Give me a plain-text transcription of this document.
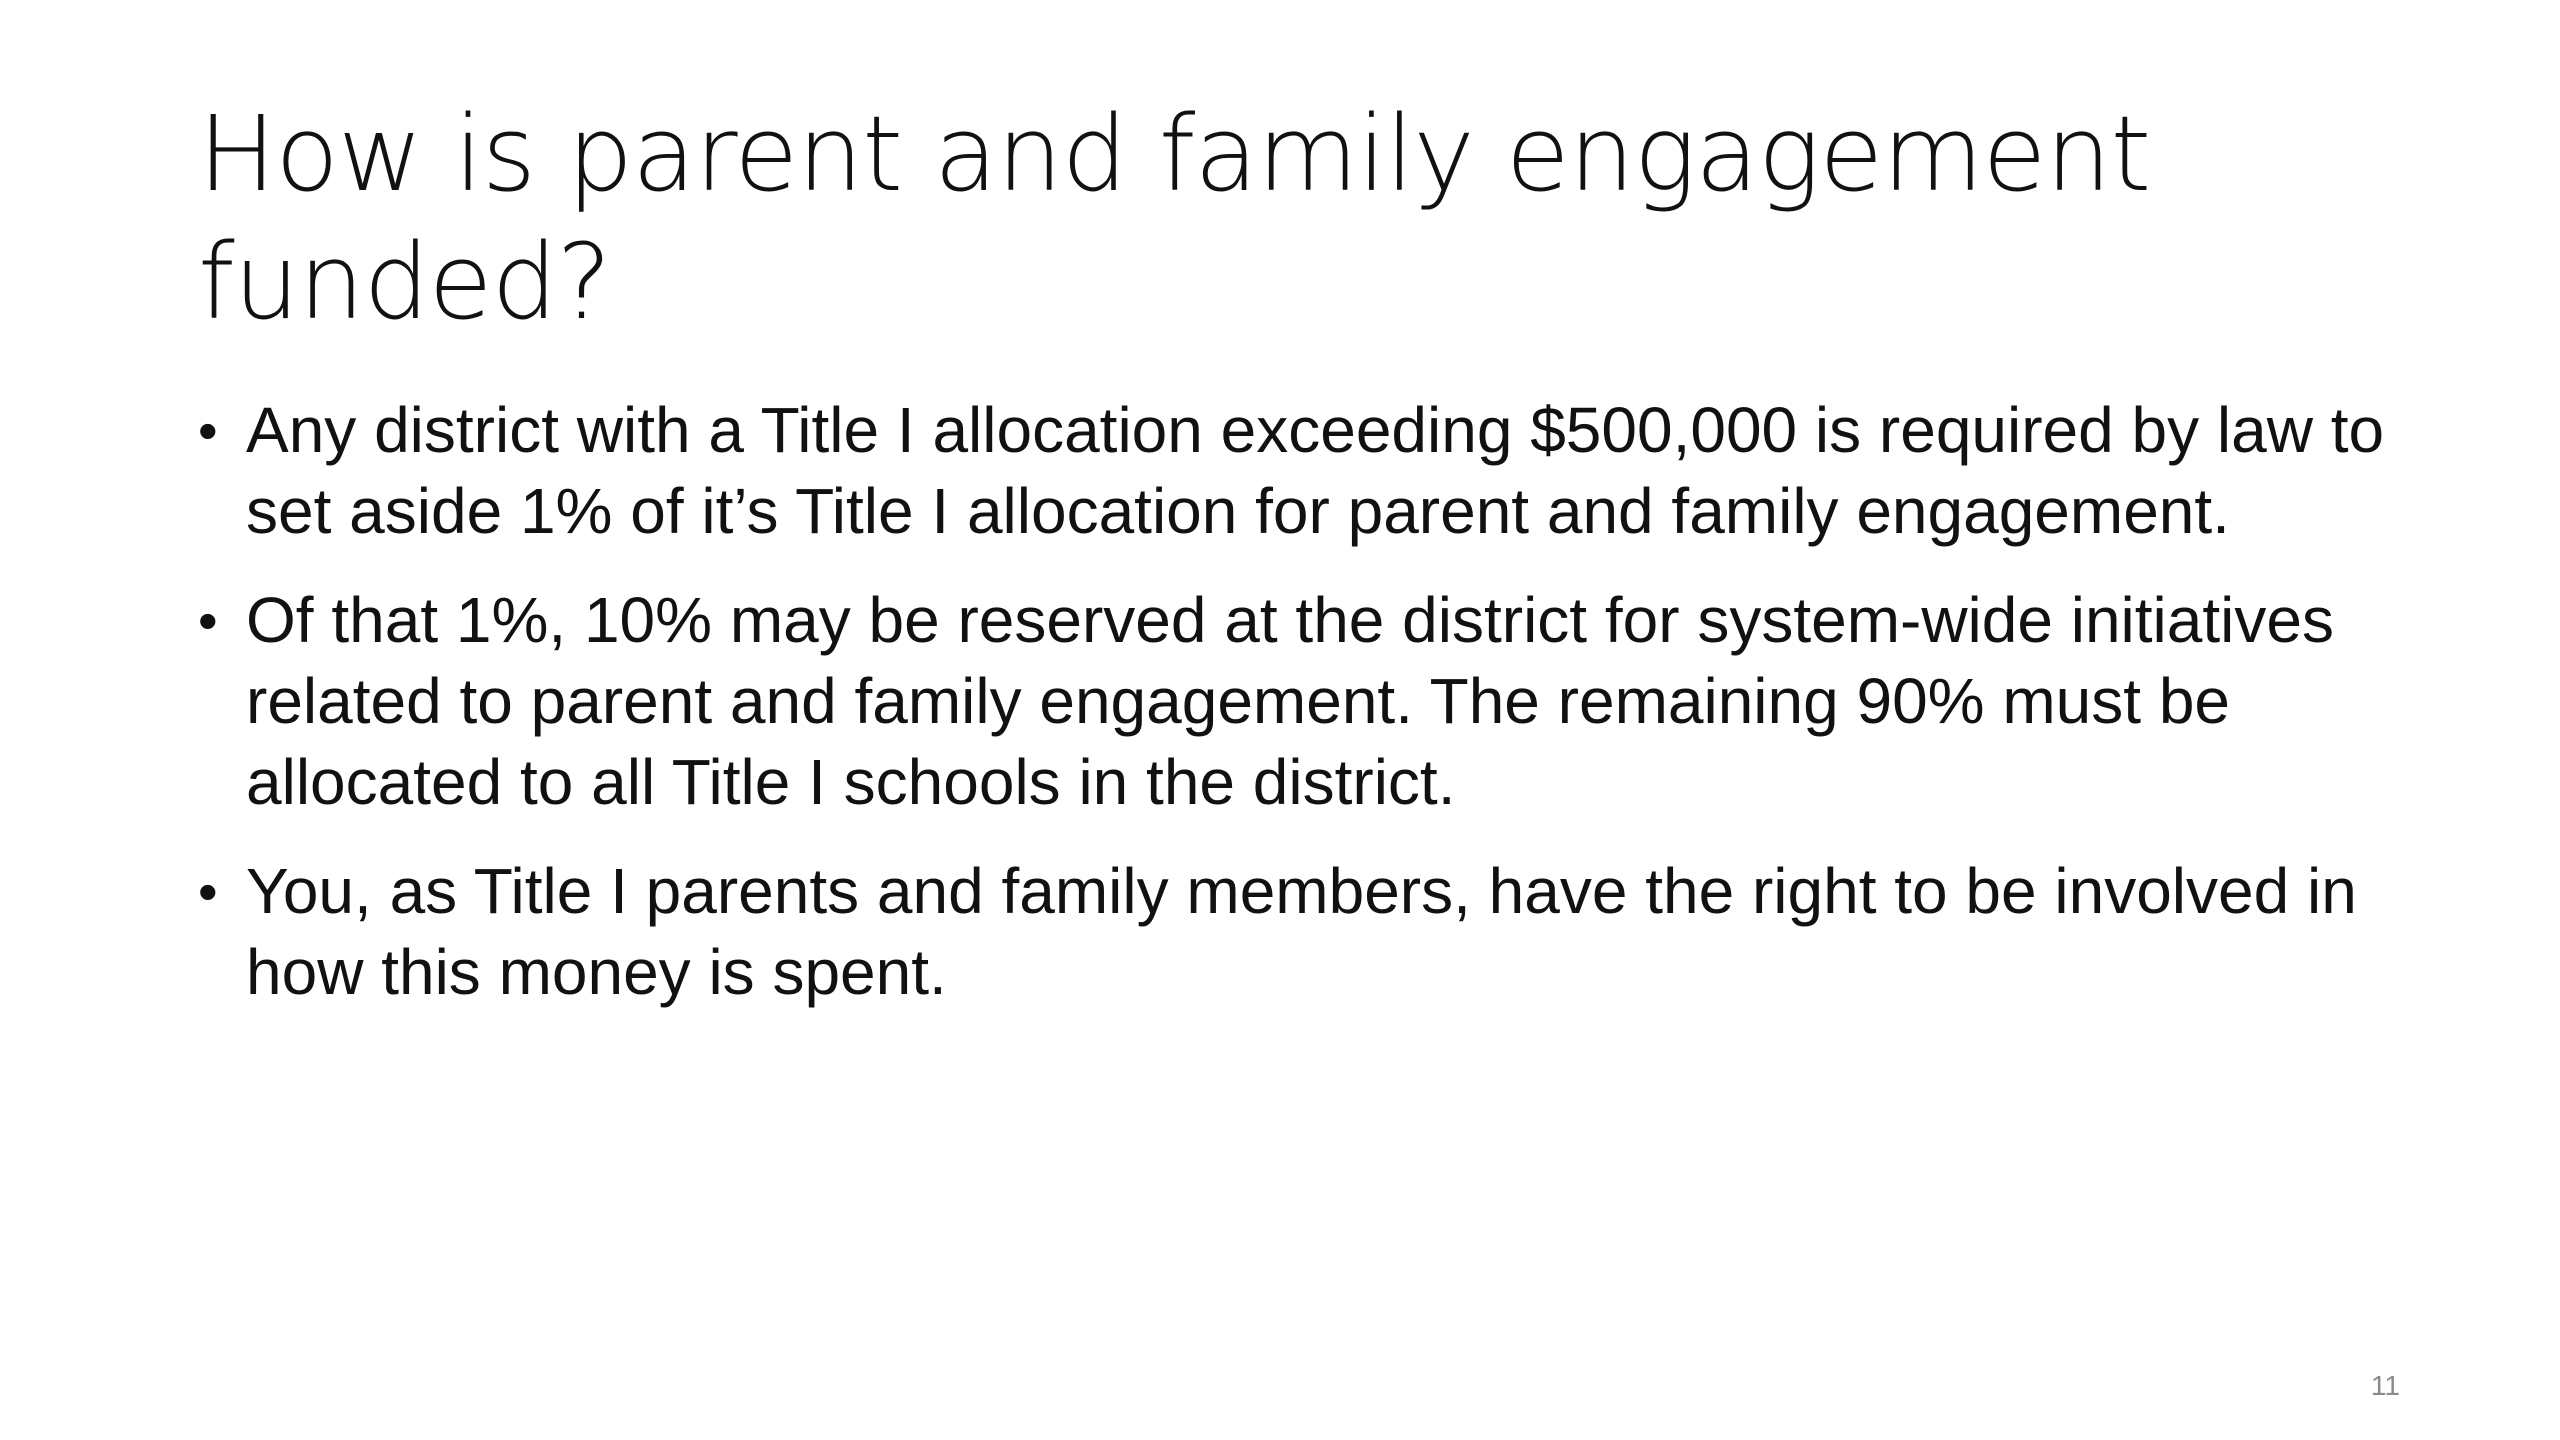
How is parent and family engagement
funded?
• Any district with a Title I allocation exceeding $500,000 is required by law to set aside 1% of it’s Title I allocation for parent and family engagement.
• Of that 1%, 10% may be reserved at the district for system-wide initiatives related to parent and family engagement. The remaining 90% must be allocated to all Title I schools in the district.
• You, as Title I parents and family members, have the right to be involved in how this money is spent.
11
